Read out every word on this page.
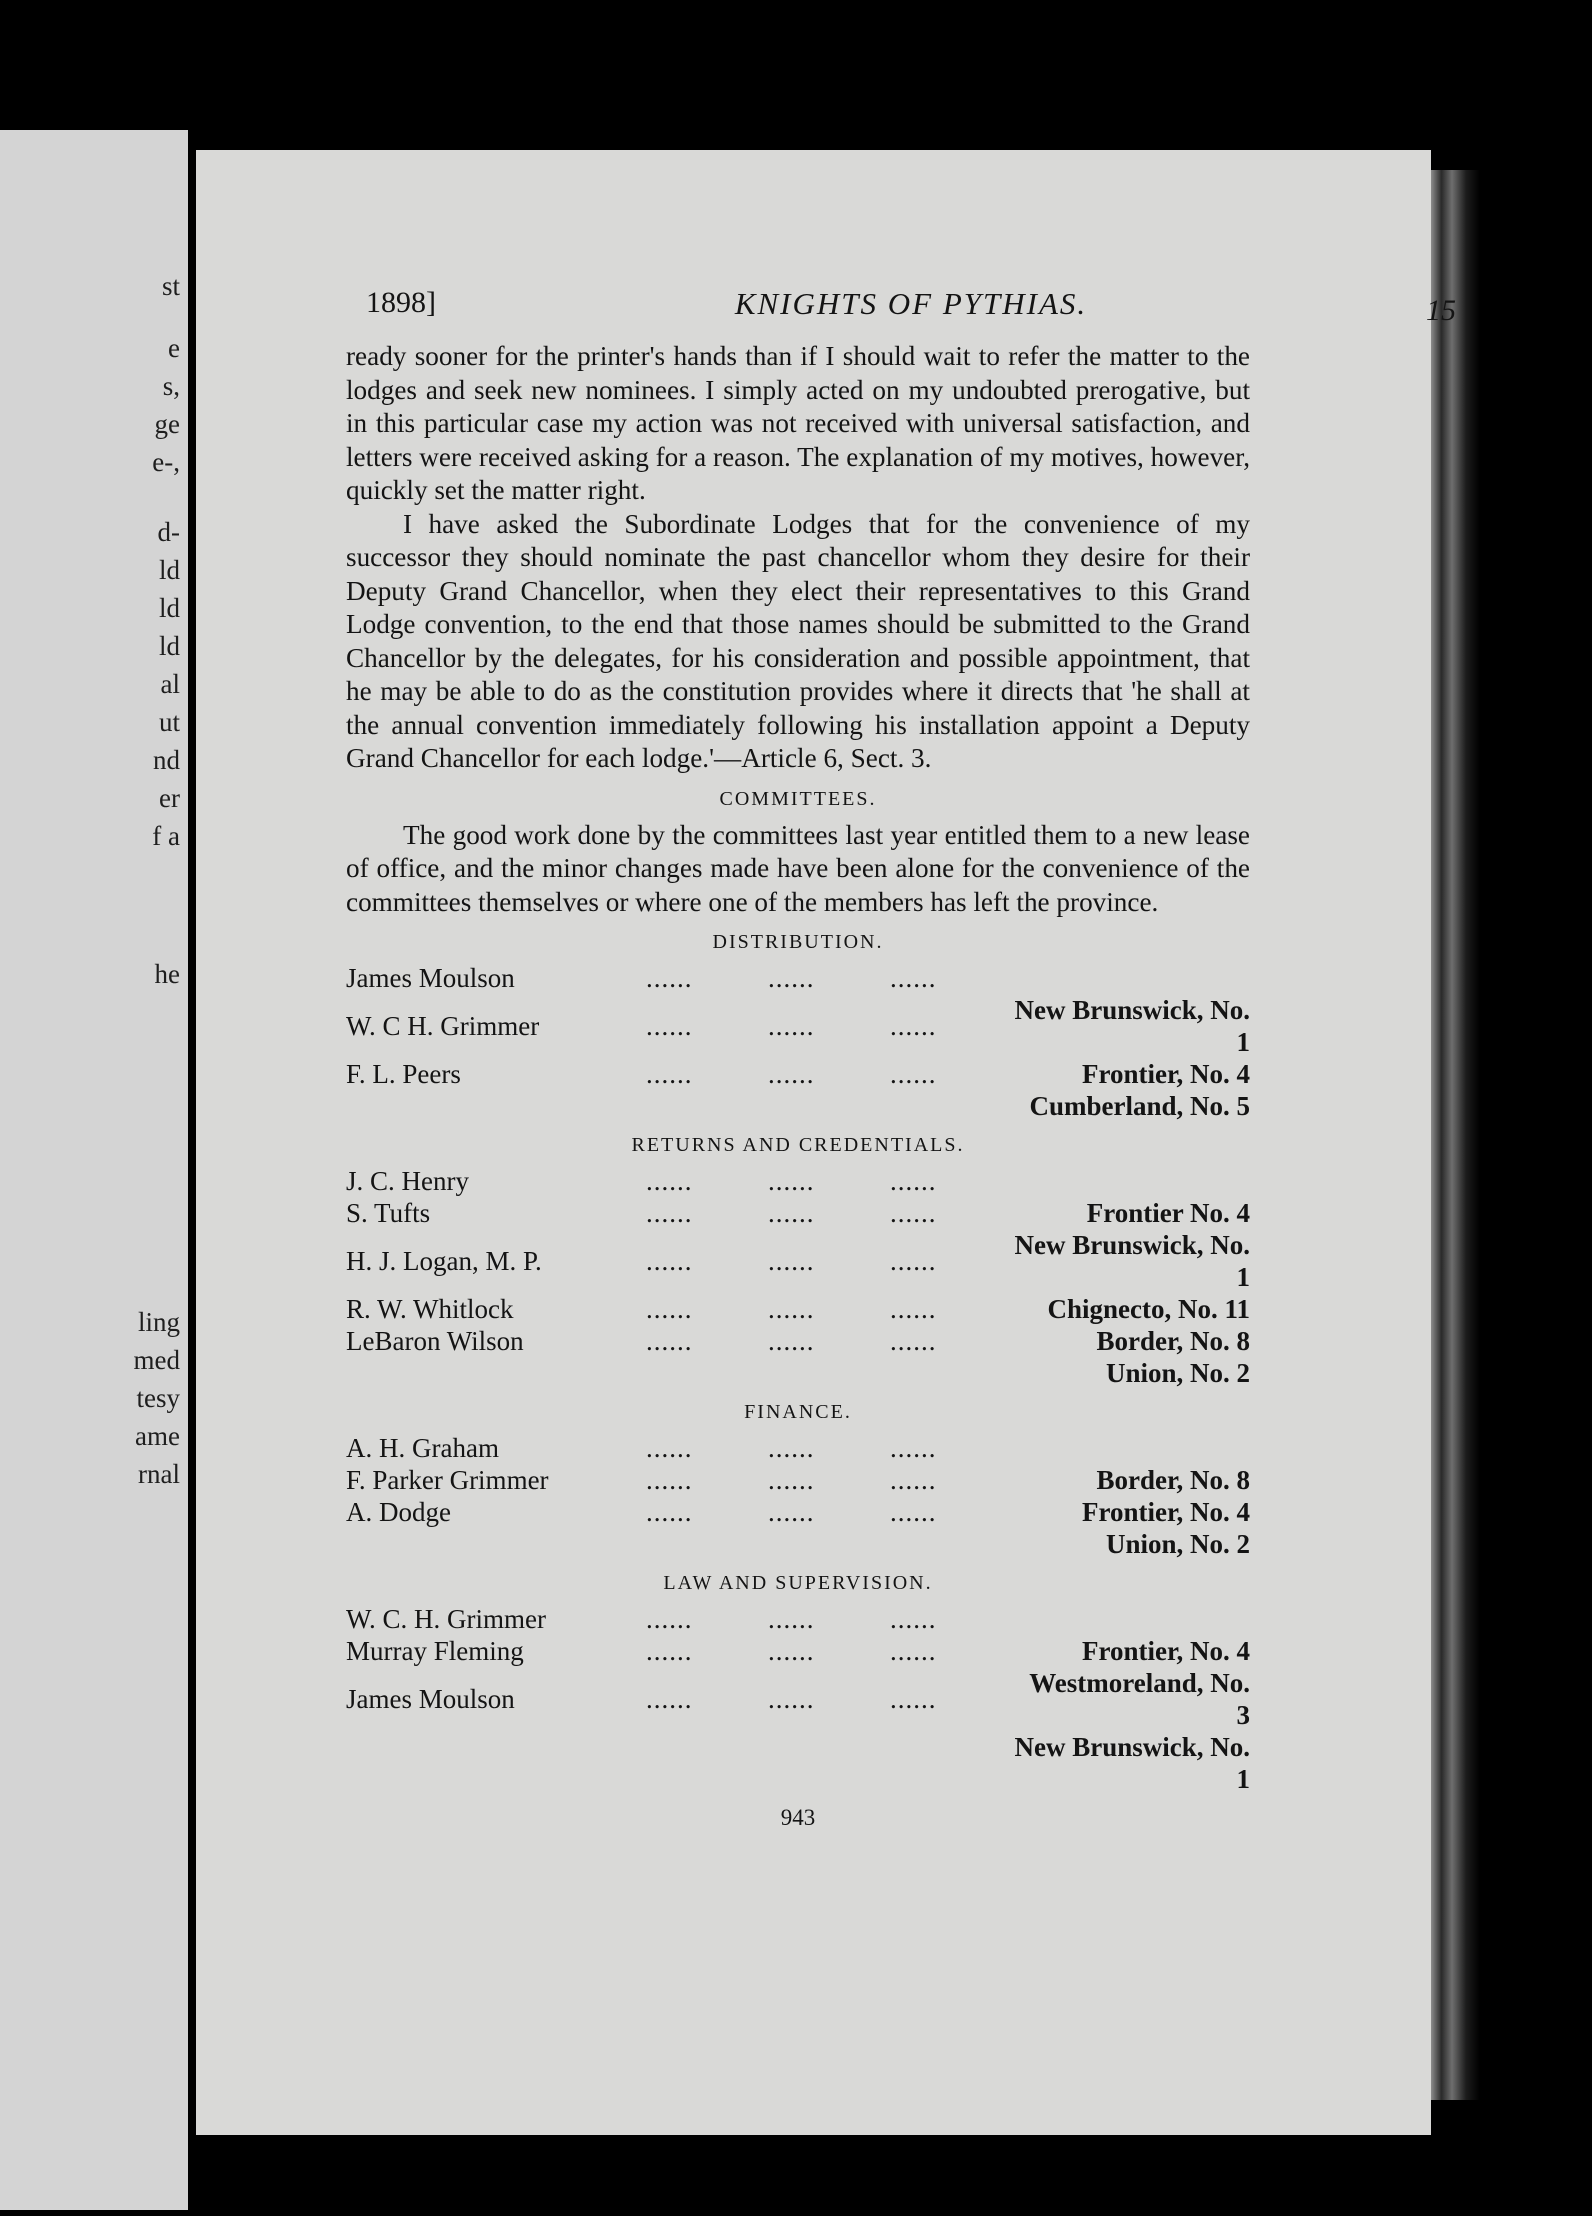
st
e
s,
ge
e-,
d-
ld
ld
ld
al
ut
nd
er
f a
he
ling
med
tesy
ame
rnal
1898]	KNIGHTS OF PYTHIAS.	15

ready sooner for the printer's hands than if I should wait to refer the matter to the lodges and seek new nominees. I simply acted on my undoubted prerogative, but in this particular case my action was not received with universal satisfaction, and letters were received asking for a reason. The explanation of my motives, however, quickly set the matter right.

I have asked the Subordinate Lodges that for the convenience of my successor they should nominate the past chancellor whom they desire for their Deputy Grand Chancellor, when they elect their representatives to this Grand Lodge convention, to the end that those names should be submitted to the Grand Chancellor by the delegates, for his consideration and possible appointment, that he may be able to do as the constitution provides where it directs that 'he shall at the annual convention immediately following his installation appoint a Deputy Grand Chancellor for each lodge.'—Article 6, Sect. 3.

COMMITTEES.

The good work done by the committees last year entitled them to a new lease of office, and the minor changes made have been alone for the convenience of the committees themselves or where one of the members has left the province.

DISTRIBUTION.
James Moulson	......	......	......	
W. C H. Grimmer	......	......	......	New Brunswick, No. 1
F. L. Peers	......	......	......	Frontier, No. 4
				Cumberland, No. 5
RETURNS AND CREDENTIALS.
J. C. Henry	......	......	......	
S. Tufts	......	......	......	Frontier No. 4
H. J. Logan, M. P.	......	......	......	New Brunswick, No. 1
R. W. Whitlock	......	......	......	Chignecto, No. 11
LeBaron Wilson	......	......	......	Border, No. 8
				Union, No. 2
FINANCE.
A. H. Graham	......	......	......	
F. Parker Grimmer	......	......	......	Border, No. 8
A. Dodge	......	......	......	Frontier, No. 4
				Union, No. 2
LAW AND SUPERVISION.
W. C. H. Grimmer	......	......	......	
Murray Fleming	......	......	......	Frontier, No. 4
James Moulson	......	......	......	Westmoreland, No. 3
				New Brunswick, No. 1
943
